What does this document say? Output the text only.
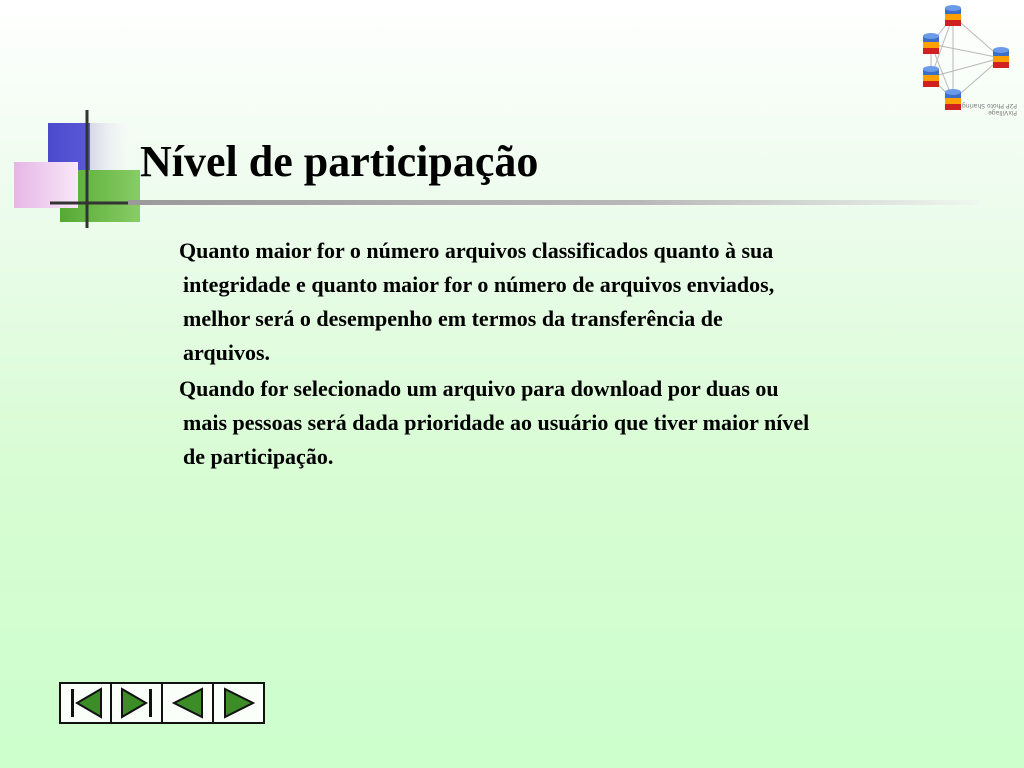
Nível de participação

Quanto maior for o número arquivos classificados quanto à sua
integridade e quanto maior for o número de arquivos enviados,
melhor será o desempenho em termos da transferência de
arquivos.

Quando for selecionado um arquivo para download por duas ou
mais pessoas será dada prioridade ao usuário que tiver maior nível
de participação.

PixVillage
P2P Photo Sharing
